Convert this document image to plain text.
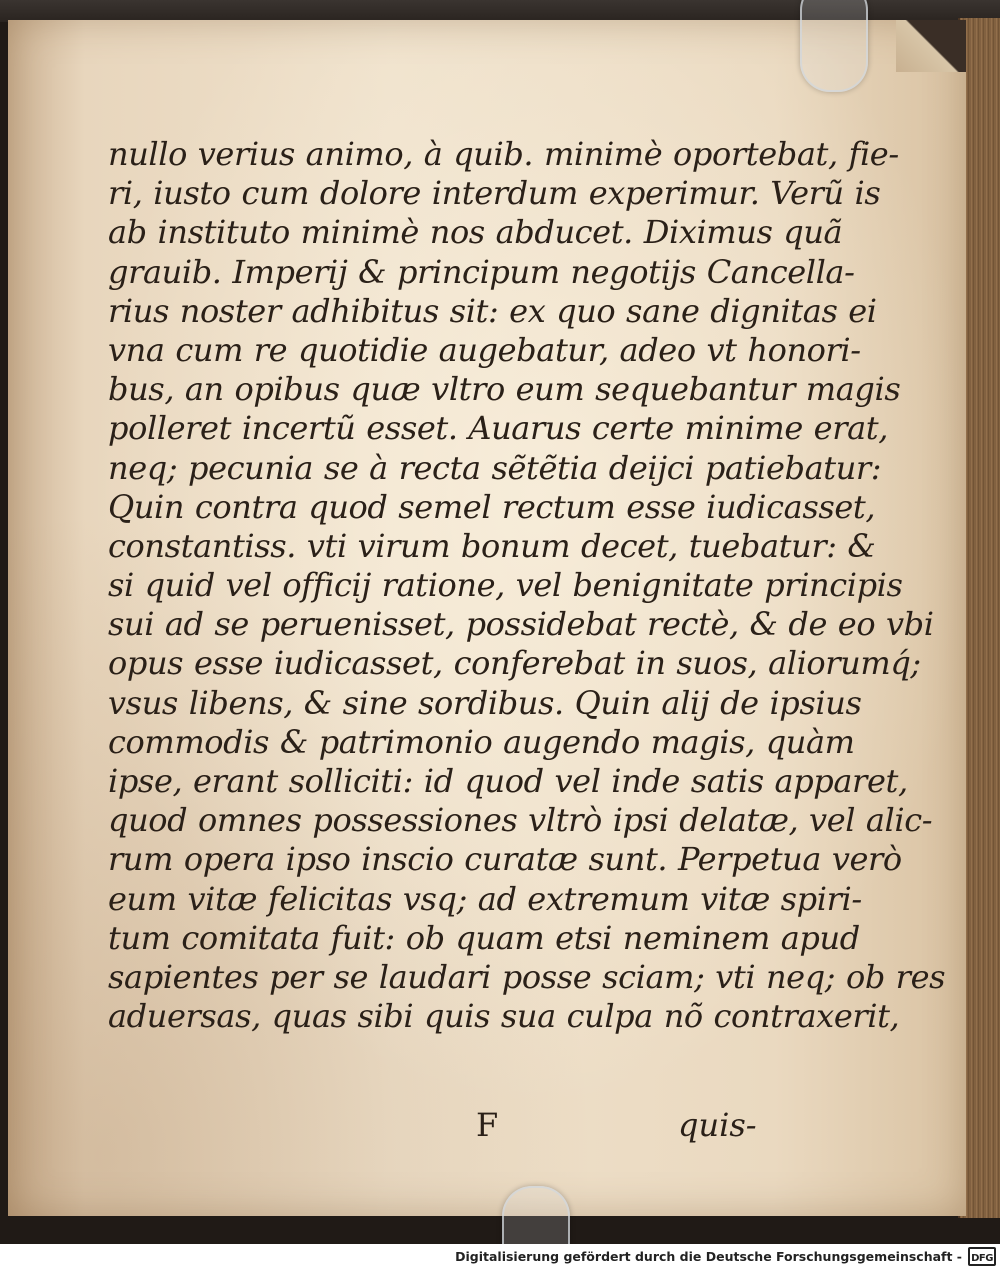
nullo verius animo, à quib. minimè oportebat, fie-
ri, iusto cum dolore interdum experimur. Verũ is
ab instituto minimè nos abducet. Diximus quã
grauib. Imperij & principum negotijs Cancella-
rius noster adhibitus sit: ex quo sane dignitas ei
vna cum re quotidie augebatur, adeo vt honori-
bus, an opibus quæ vltro eum sequebantur magis
polleret incertũ esset. Auarus certe minime erat,
neq; pecunia se à recta sẽtẽtia deijci patiebatur:
Quin contra quod semel rectum esse iudicasset,
constantiss. vti virum bonum decet, tuebatur: &
si quid vel officij ratione, vel benignitate principis
sui ad se peruenisset, possidebat rectè, & de eo vbi
opus esse iudicasset, conferebat in suos, aliorumq́;
vsus libens, & sine sordibus. Quin alij de ipsius
commodis & patrimonio augendo magis, quàm
ipse, erant solliciti: id quod vel inde satis apparet,
quod omnes possessiones vltrò ipsi delatæ, vel alic-
rum opera ipso inscio curatæ sunt. Perpetua verò
eum vitæ felicitas vsq; ad extremum vitæ spiri-
tum comitata fuit: ob quam etsi neminem apud
sapientes per se laudari posse sciam; vti neq; ob res
aduersas, quas sibi quis sua culpa nõ contraxerit,
F	quis-
Digitalisierung gefördert durch die Deutsche Forschungsgemeinschaft - DFG
